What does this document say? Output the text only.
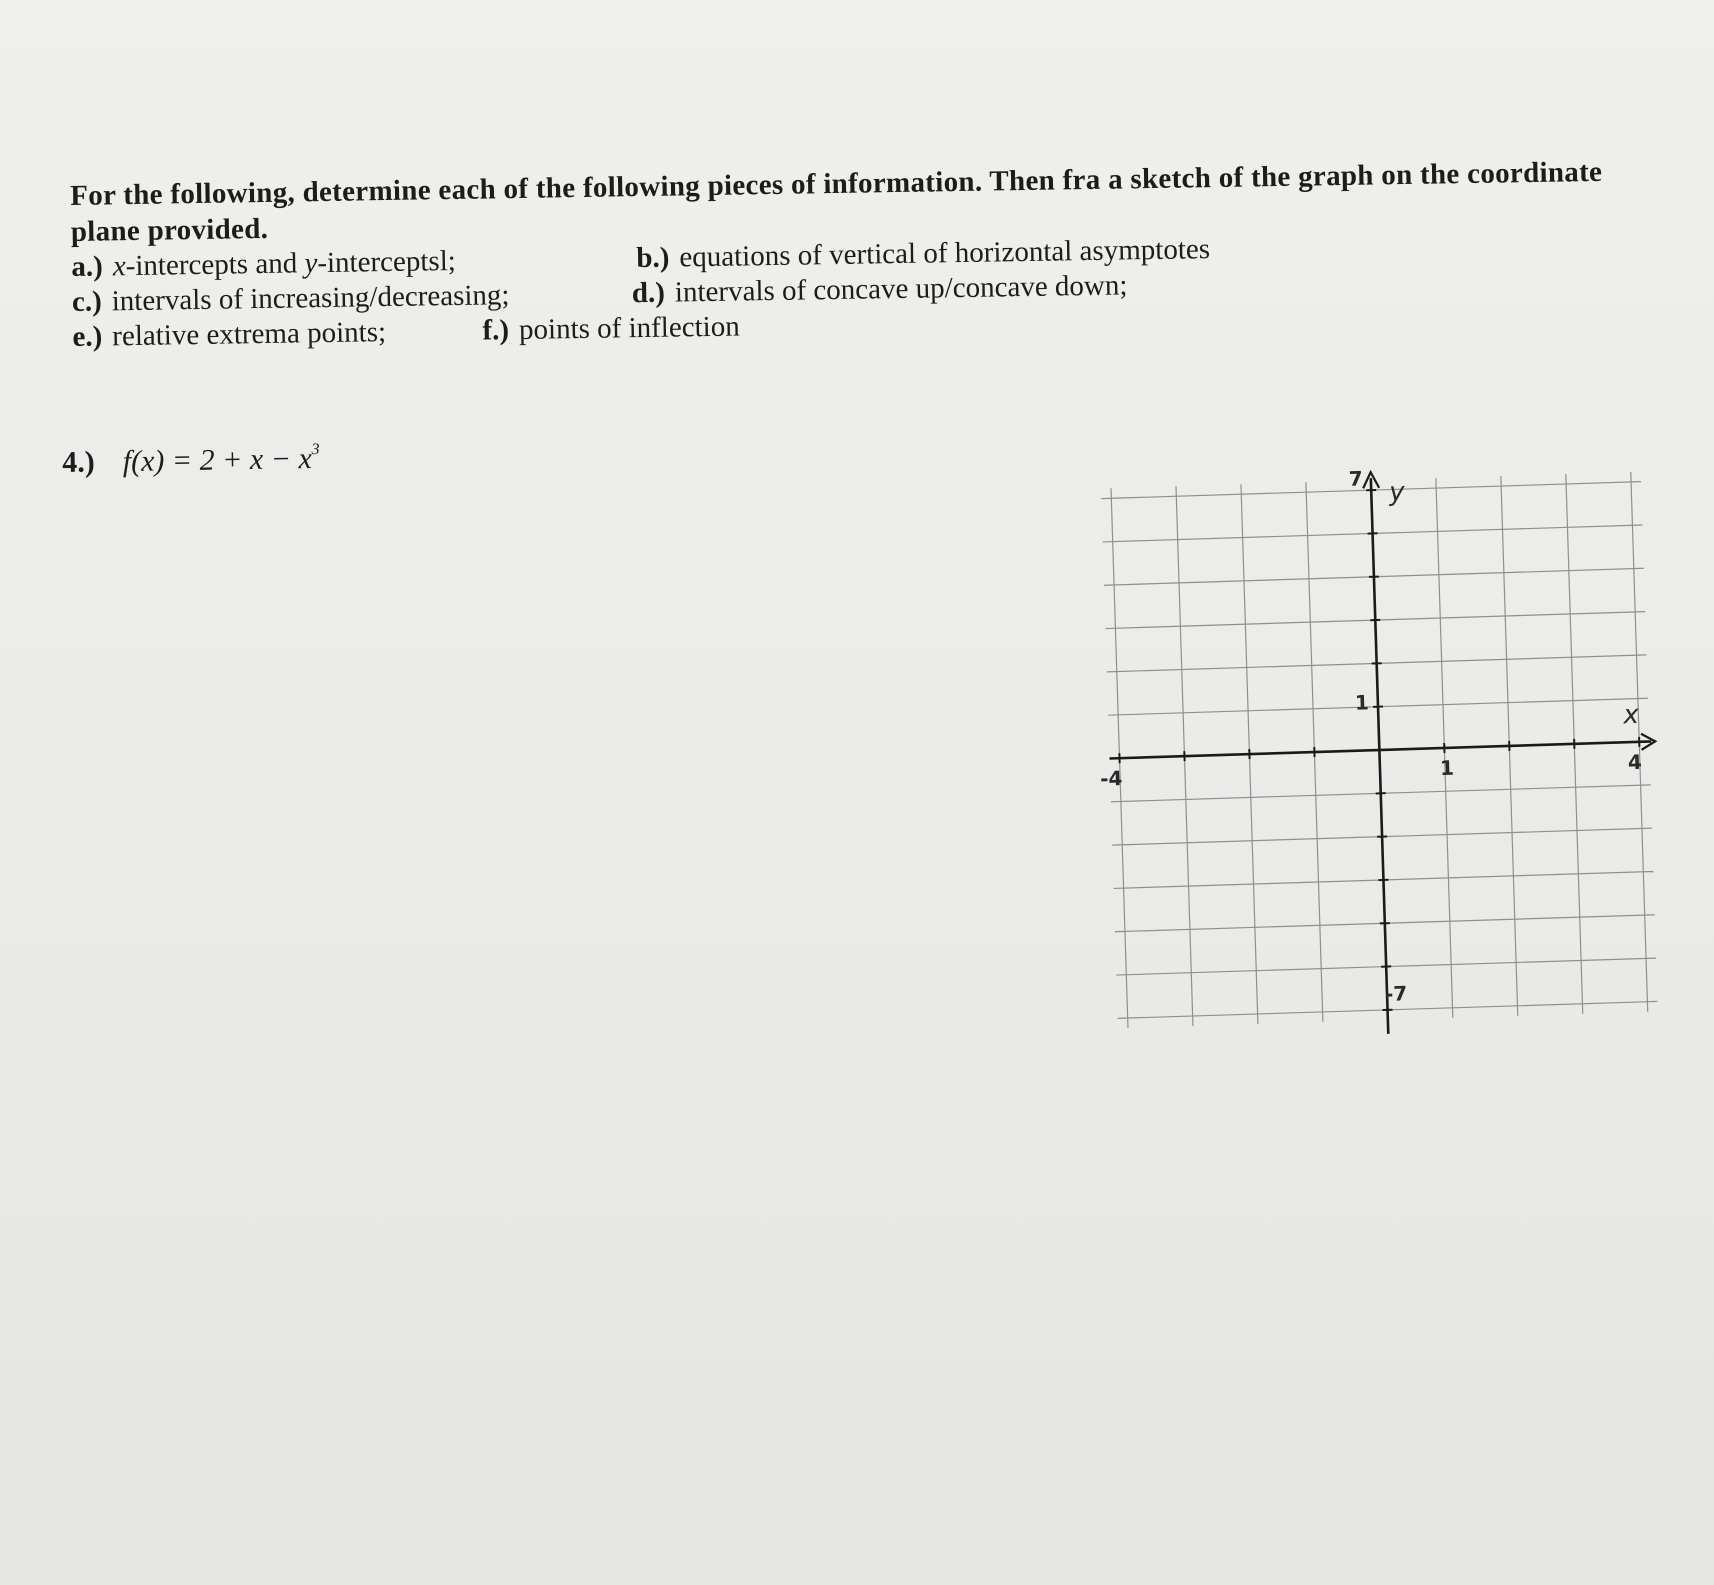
For the following, determine each of the following pieces of information. Then fra a sketch of the graph on the coordinate plane provided.

a.) x-intercepts and y-interceptsl;	b.) equations of vertical of horizontal asymptotes
c.) intervals of increasing/decreasing;	d.) intervals of concave up/concave down;
e.) relative extrema points;	f.) points of inflection
4.) $f(x) = 2 + x - x^3$
7 y
1
-4	1	4
x
-7
